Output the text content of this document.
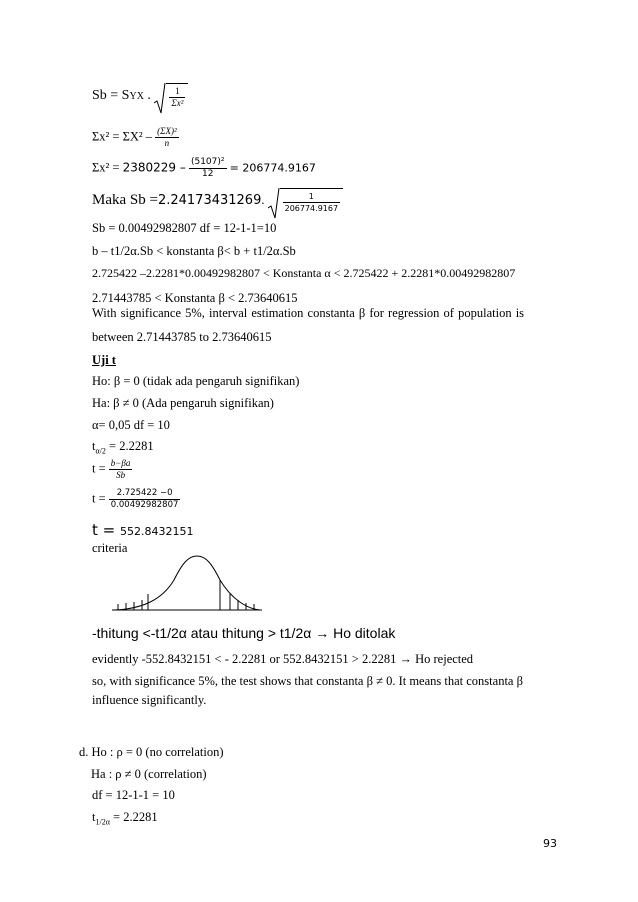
Sb = SYX . $\frac{1}{\text{Σx²}}$
$\Sigma x^2 = \Sigma X^2 - \frac{\text{(ΣX)²}}{n}$
$\Sigma x^2 = 2380229 - \frac{\text{(5107)²}}{12} = 206774.9167$
Maka Sb =2.24173431269. $\frac{1}{206774.9167}$
Sb = 0.00492982807 df = 12-1-1=10
b – t1/2α.Sb < konstanta β< b + t1/2α.Sb
2.725422 –2.2281*0.00492982807 < Konstanta α < 2.725422 + 2.2281*0.00492982807
2.71443785 < Konstanta β < 2.73640615
With significance 5%, interval estimation constanta β for regression of population is
between 2.71443785 to 2.73640615
Uji t
Ho: β = 0 (tidak ada pengaruh signifikan)
Ha: β ≠ 0 (Ada pengaruh signifikan)
α= 0,05 df = 10
$t_{\alpha/2} = 2.2281$
$t = \frac{b-\beta a}{Sb}$
$t = \frac{2.725422 -0}{0.00492982807}$
t = 552.8432151
criteria
-thitung <-t1/2α atau thitung > t1/2α → Ho ditolak
evidently -552.8432151 < - 2.2281 or 552.8432151 > 2.2281 → Ho rejected
so, with significance 5%, the test shows that constanta β ≠ 0. It means that constanta β
influence significantly.
d. Ho : ρ = 0 (no correlation)
Ha : ρ ≠ 0 (correlation)
df = 12-1-1 = 10
$t_{1/2\alpha} = 2.2281$
93
